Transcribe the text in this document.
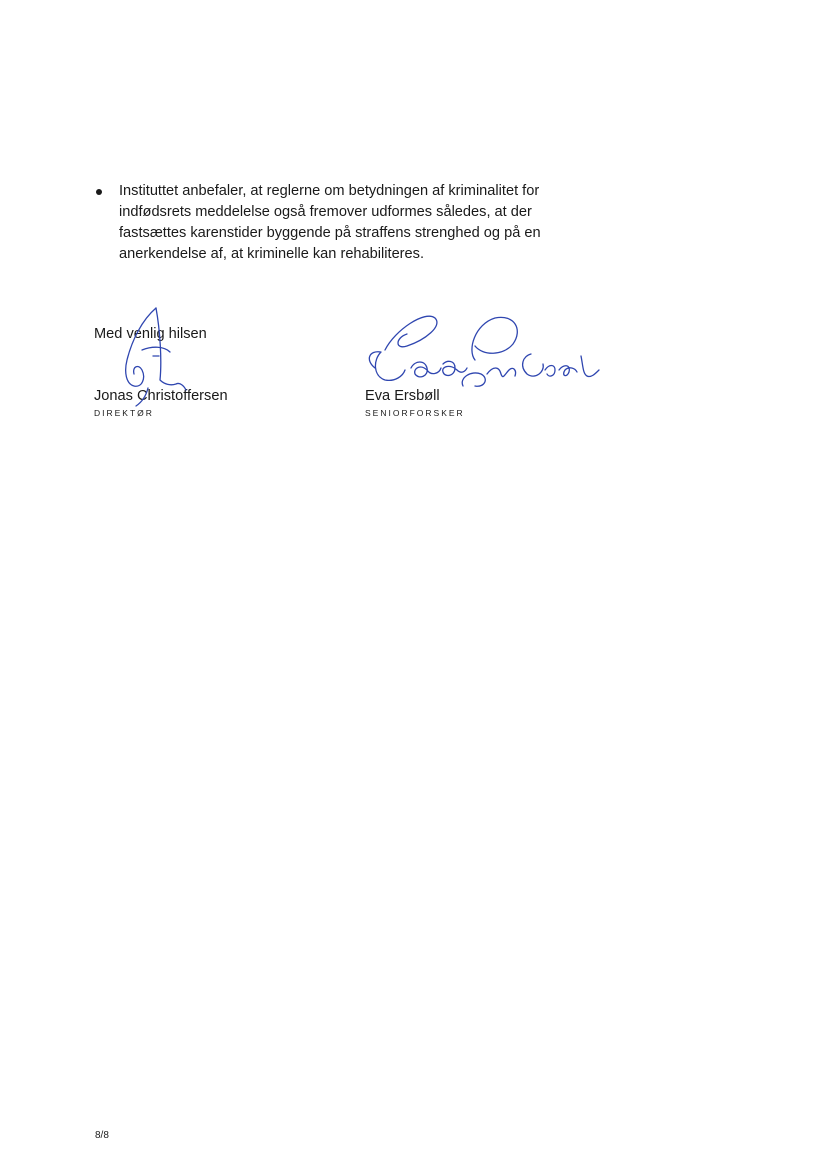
Instituttet anbefaler, at reglerne om betydningen af kriminalitet for
indfødsrets meddelelse også fremover udformes således, at der
fastsættes karenstider byggende på straffens strenghed og på en
anerkendelse af, at kriminelle kan rehabiliteres.
Med venlig hilsen
Jonas Christoffersen
DIREKTØR
Eva Ersbøll
SENIORFORSKER
8/8
